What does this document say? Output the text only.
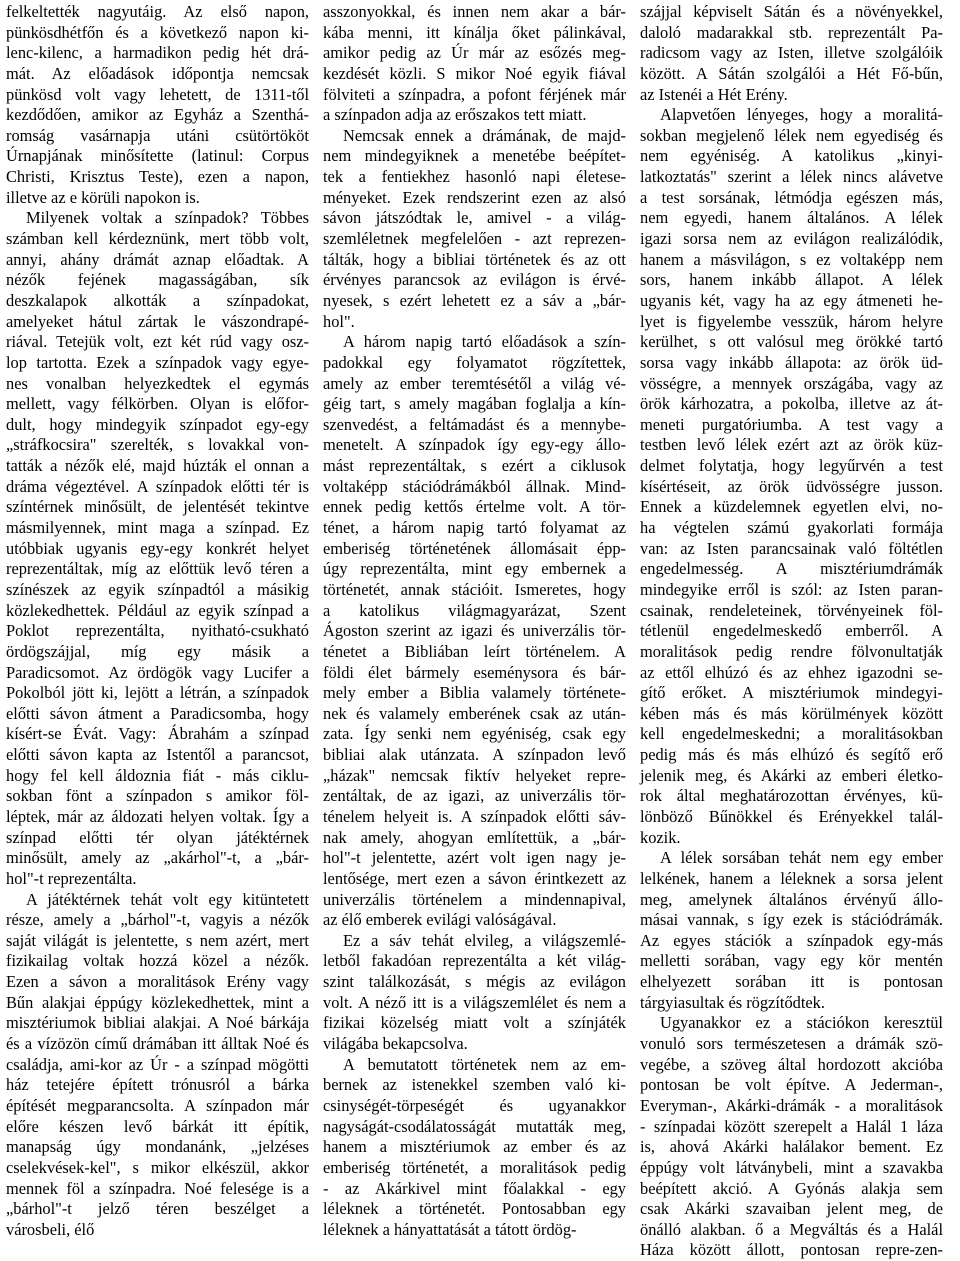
felkeltették nagyutáig. Az első napon,
pünkösdhétfőn és a következő napon ki-
lenc-kilenc, a harmadikon pedig hét drá-
mát. Az előadások időpontja nemcsak
pünkösd volt vagy lehetett, de 1311-től
kezdődően, amikor az Egyház a Szenthá-
romság vasárnapja utáni csütörtököt
Úrnapjának minősítette (latinul: Corpus
Christi, Krisztus Teste), ezen a napon,
illetve az e körüli napokon is.
Milyenek voltak a színpadok? Többes
számban kell kérdeznünk, mert több volt,
annyi, ahány drámát aznap előadtak. A
nézők fejének magasságában, sík
deszkalapok alkották a színpadokat,
amelyeket hátul zártak le vászondrapé-
riával. Tetejük volt, ezt két rúd vagy osz-
lop tartotta. Ezek a színpadok vagy egye-
nes vonalban helyezkedtek el egymás
mellett, vagy félkörben. Olyan is előfor-
dult, hogy mindegyik színpadot egy-egy
„stráfkocsira" szerelték, s lovakkal von-
tatták a nézők elé, majd húzták el onnan a
dráma végeztével. A színpadok előtti tér is
színtérnek minősült, de jelentését tekintve
másmilyennek, mint maga a színpad. Ez
utóbbiak ugyanis egy-egy konkrét helyet
reprezentáltak, míg az előttük levő téren a
színészek az egyik színpadtól a másikig
közlekedhettek. Például az egyik színpad a
Poklot reprezentálta, nyitható-csukható
ördögszájjal, míg egy másik a
Paradicsomot. Az ördögök vagy Lucifer a
Pokolból jött ki, lejött a létrán, a színpadok
előtti sávon átment a Paradicsomba, hogy
kísért-se Évát. Vagy: Ábrahám a színpad
előtti sávon kapta az Istentől a parancsot,
hogy fel kell áldoznia fiát - más ciklu-
sokban fönt a színpadon s amikor föl-
léptek, már az áldozati helyen voltak. Így a
színpad előtti tér olyan játéktérnek
minősült, amely az „akárhol"-t, a „bár-
hol"-t reprezentálta.
A játéktérnek tehát volt egy kitüntetett
része, amely a „bárhol"-t, vagyis a nézők
saját világát is jelentette, s nem azért, mert
fizikailag voltak hozzá közel a nézők.
Ezen a sávon a moralitások Erény vagy
Bűn alakjai éppúgy közlekedhettek, mint a
misztériumok bibliai alakjai. A Noé bárkája
és a vízözön című drámában itt álltak Noé és
családja, ami-kor az Úr - a színpad mögötti
ház tetejére épített trónusról a bárka
építését megparancsolta. A színpadon már
előre készen levő bárkát itt építik,
manapság úgy mondanánk, „jelzéses
cselekvések-kel", s mikor elkészül, akkor
mennek föl a színpadra. Noé felesége is a
„bárhol"-t jelző téren beszélget a
városbeli, élő
asszonyokkal, és innen nem akar a bár-
kába menni, itt kínálja őket pálinkával,
amikor pedig az Úr már az esőzés meg-
kezdését közli. S mikor Noé egyik fiával
fölviteti a színpadra, a pofont férjének már
a színpadon adja az erőszakos tett miatt.
Nemcsak ennek a drámának, de majd-
nem mindegyiknek a menetébe beépítet-
tek a fentiekhez hasonló napi életese-
ményeket. Ezek rendszerint ezen az alsó
sávon játszódtak le, amivel - a világ-
szemléletnek megfelelően - azt reprezen-
tálták, hogy a bibliai történetek és az ott
érvényes parancsok az evilágon is érvé-
nyesek, s ezért lehetett ez a sáv a „bár-
hol".
A három napig tartó előadások a szín-
padokkal egy folyamatot rögzítettek,
amely az ember teremtésétől a világ vé-
géig tart, s amely magában foglalja a kín-
szenvedést, a feltámadást és a mennybe-
menetelt. A színpadok így egy-egy állo-
mást reprezentáltak, s ezért a ciklusok
voltaképp stációdrámákból állnak. Mind-
ennek pedig kettős értelme volt. A tör-
ténet, a három napig tartó folyamat az
emberiség történetének állomásait épp-
úgy reprezentálta, mint egy embernek a
történetét, annak stációit. Ismeretes, hogy
a katolikus világmagyarázat, Szent
Ágoston szerint az igazi és univerzális tör-
ténetet a Bibliában leírt történelem. A
földi élet bármely eseménysora és bár-
mely ember a Biblia valamely története-
nek és valamely emberének csak az után-
zata. Így senki nem egyéniség, csak egy
bibliai alak utánzata. A színpadon levő
„házak" nemcsak fiktív helyeket repre-
zentáltak, de az igazi, az univerzális tör-
ténelem helyeit is. A színpadok előtti sáv-
nak amely, ahogyan említettük, a „bár-
hol"-t jelentette, azért volt igen nagy je-
lentősége, mert ezen a sávon érintkezett az
univerzális történelem a mindennapival,
az élő emberek evilági valóságával.
Ez a sáv tehát elvileg, a világszemlé-
letből fakadóan reprezentálta a két világ-
szint találkozását, s mégis az evilágon
volt. A néző itt is a világszemlélet és nem a
fizikai közelség miatt volt a színjáték
világába bekapcsolva.
A bemutatott történetek nem az em-
bernek az istenekkel szemben való ki-
csinységét-törpeségét és ugyanakkor
nagyságát-csodálatosságát mutatták meg,
hanem a misztériumok az ember és az
emberiség történetét, a moralitások pedig
- az Akárkivel mint főalakkal - egy
léleknek a történetét. Pontosabban egy
léleknek a hányattatását a tátott ördög-
szájjal képviselt Sátán és a növényekkel,
daloló madarakkal stb. reprezentált Pa-
radicsom vagy az Isten, illetve szolgálóik
között. A Sátán szolgálói a Hét Fő-bűn,
az Istenéi a Hét Erény.
Alapvetően lényeges, hogy a moralitá-
sokban megjelenő lélek nem egyediség és
nem egyéniség. A katolikus „kinyi-
latkoztatás" szerint a lélek nincs alávetve
a test sorsának, létmódja egészen más,
nem egyedi, hanem általános. A lélek
igazi sorsa nem az evilágon realizálódik,
hanem a másvilágon, s ez voltaképp nem
sors, hanem inkább állapot. A lélek
ugyanis két, vagy ha az egy átmeneti he-
lyet is figyelembe vesszük, három helyre
kerülhet, s ott valósul meg örökké tartó
sorsa vagy inkább állapota: az örök üd-
vösségre, a mennyek országába, vagy az
örök kárhozatra, a pokolba, illetve az át-
meneti purgatóriumba. A test vagy a
testben levő lélek ezért azt az örök küz-
delmet folytatja, hogy legyűrvén a test
kísértéseit, az örök üdvösségre jusson.
Ennek a küzdelemnek egyetlen elvi, no-
ha végtelen számú gyakorlati formája
van: az Isten parancsainak való föltétlen
engedelmesség. A misztériumdrámák
mindegyike erről is szól: az Isten paran-
csainak, rendeleteinek, törvényeinek föl-
tétlenül engedelmeskedő emberről. A
moralitások pedig rendre fölvonultatják
az ettől elhúzó és az ehhez igazodni se-
gítő erőket. A misztériumok mindegyi-
kében más és más körülmények között
kell engedelmeskedni; a moralitásokban
pedig más és más elhúzó és segítő erő
jelenik meg, és Akárki az emberi életko-
rok által meghatározottan érvényes, kü-
lönböző Bűnökkel és Erényekkel talál-
kozik.
A lélek sorsában tehát nem egy ember
lelkének, hanem a léleknek a sorsa jelent
meg, amelynek általános érvényű állo-
másai vannak, s így ezek is stációdrámák.
Az egyes stációk a színpadok egy-más
melletti sorában, vagy egy kör mentén
elhelyezett sorában itt is pontosan
tárgyiasultak és rögzítődtek.
Ugyanakkor ez a stációkon keresztül
vonuló sors természetesen a drámák szö-
vegébe, a szöveg által hordozott akcióba
pontosan be volt építve. A Jederman-,
Everyman-, Akárki-drámák - a moralitások
- színpadai között szerepelt a Halál 1 láza
is, ahová Akárki halálakor bement. Ez
éppúgy volt látványbeli, mint a szavakba
beépített akció. A Gyónás alakja sem
csak Akárki szavaiban jelent meg, de
önálló alakban. ő a Megváltás és a Halál
Háza között állott, pontosan repre-zen-
